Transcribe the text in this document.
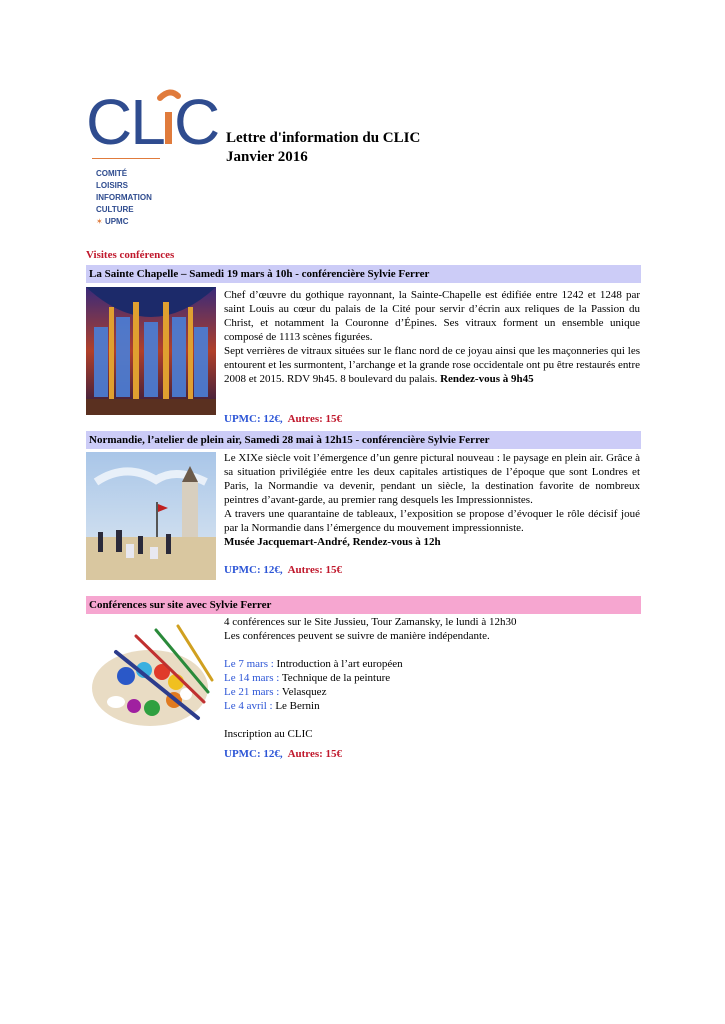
CL C
COMITÉ
LOISIRS
INFORMATION
CULTURE
✶ UPMC
Lettre d'information du CLIC
Janvier 2016
Visites conférences
La Sainte Chapelle – Samedi 19 mars à 10h - conférencière Sylvie Ferrer

Chef d’œuvre du gothique rayonnant, la Sainte-Chapelle est édifiée entre 1242 et 1248 par saint Louis au cœur du palais de la Cité pour servir d’écrin aux reliques de la Passion du Christ, et notamment la Couronne d’Épines. Ses vitraux forment un ensemble unique composé de 1113 scènes figurées.

Sept verrières de vitraux situées sur le flanc nord de ce joyau ainsi que les maçonneries qui les entourent et les surmontent, l’archange et la grande rose occidentale ont pu être restaurés entre 2008 et 2015. RDV 9h45. 8 boulevard du palais. Rendez-vous à 9h45

UPMC: 12€, Autres: 15€
Normandie, l’atelier de plein air, Samedi 28 mai à 12h15 - conférencière Sylvie Ferrer

Le XIXe siècle voit l’émergence d’un genre pictural nouveau : le paysage en plein air. Grâce à sa situation privilégiée entre les deux capitales artistiques de l’époque que sont Londres et Paris, la Normandie va devenir, pendant un siècle, la destination favorite de nombreux peintres d’avant-garde, au premier rang desquels les Impressionnistes.

A travers une quarantaine de tableaux, l’exposition se propose d’évoquer le rôle décisif joué par la Normandie dans l’émergence du mouvement impressionniste.

Musée Jacquemart-André, Rendez-vous à 12h

UPMC: 12€, Autres: 15€
Conférences sur site avec Sylvie Ferrer

4 conférences sur le Site Jussieu, Tour Zamansky, le lundi à 12h30

Les conférences peuvent se suivre de manière indépendante.

Le 7 mars : Introduction à l’art européen

Le 14 mars : Technique de la peinture

Le 21 mars : Velasquez

Le 4 avril : Le Bernin

Inscription au CLIC

UPMC: 12€, Autres: 15€
